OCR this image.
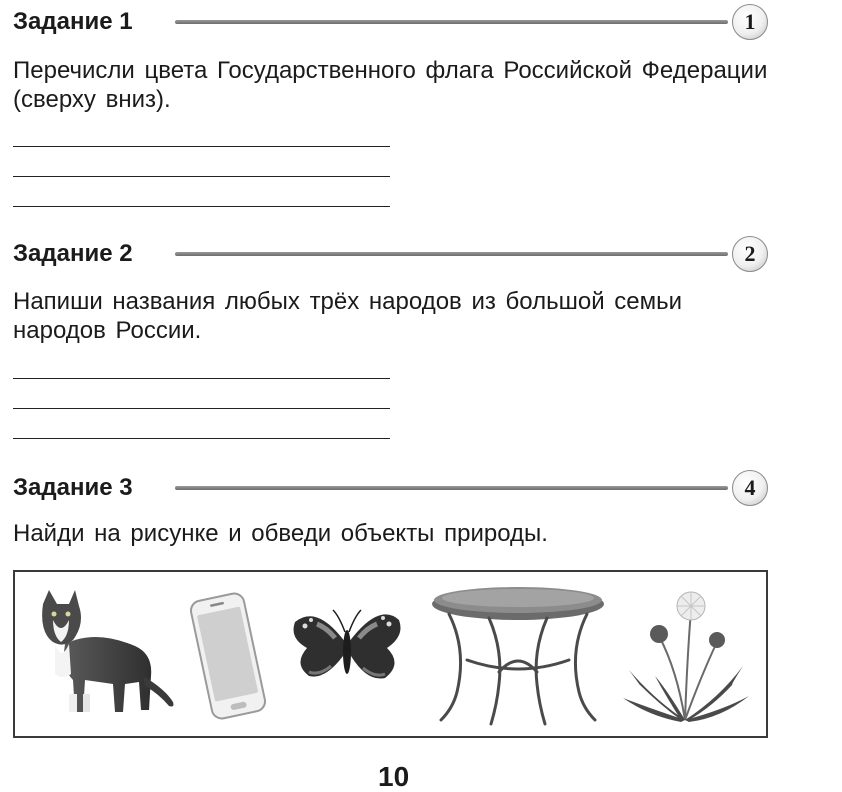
Задание 1	1
Перечисли цвета Государственного флага Российской Федерации (сверху вниз).
Задание 2	2
Напиши названия любых трёх народов из большой семьи народов России.
Задание 3	4
Найди на рисунке и обведи объекты природы.
10
